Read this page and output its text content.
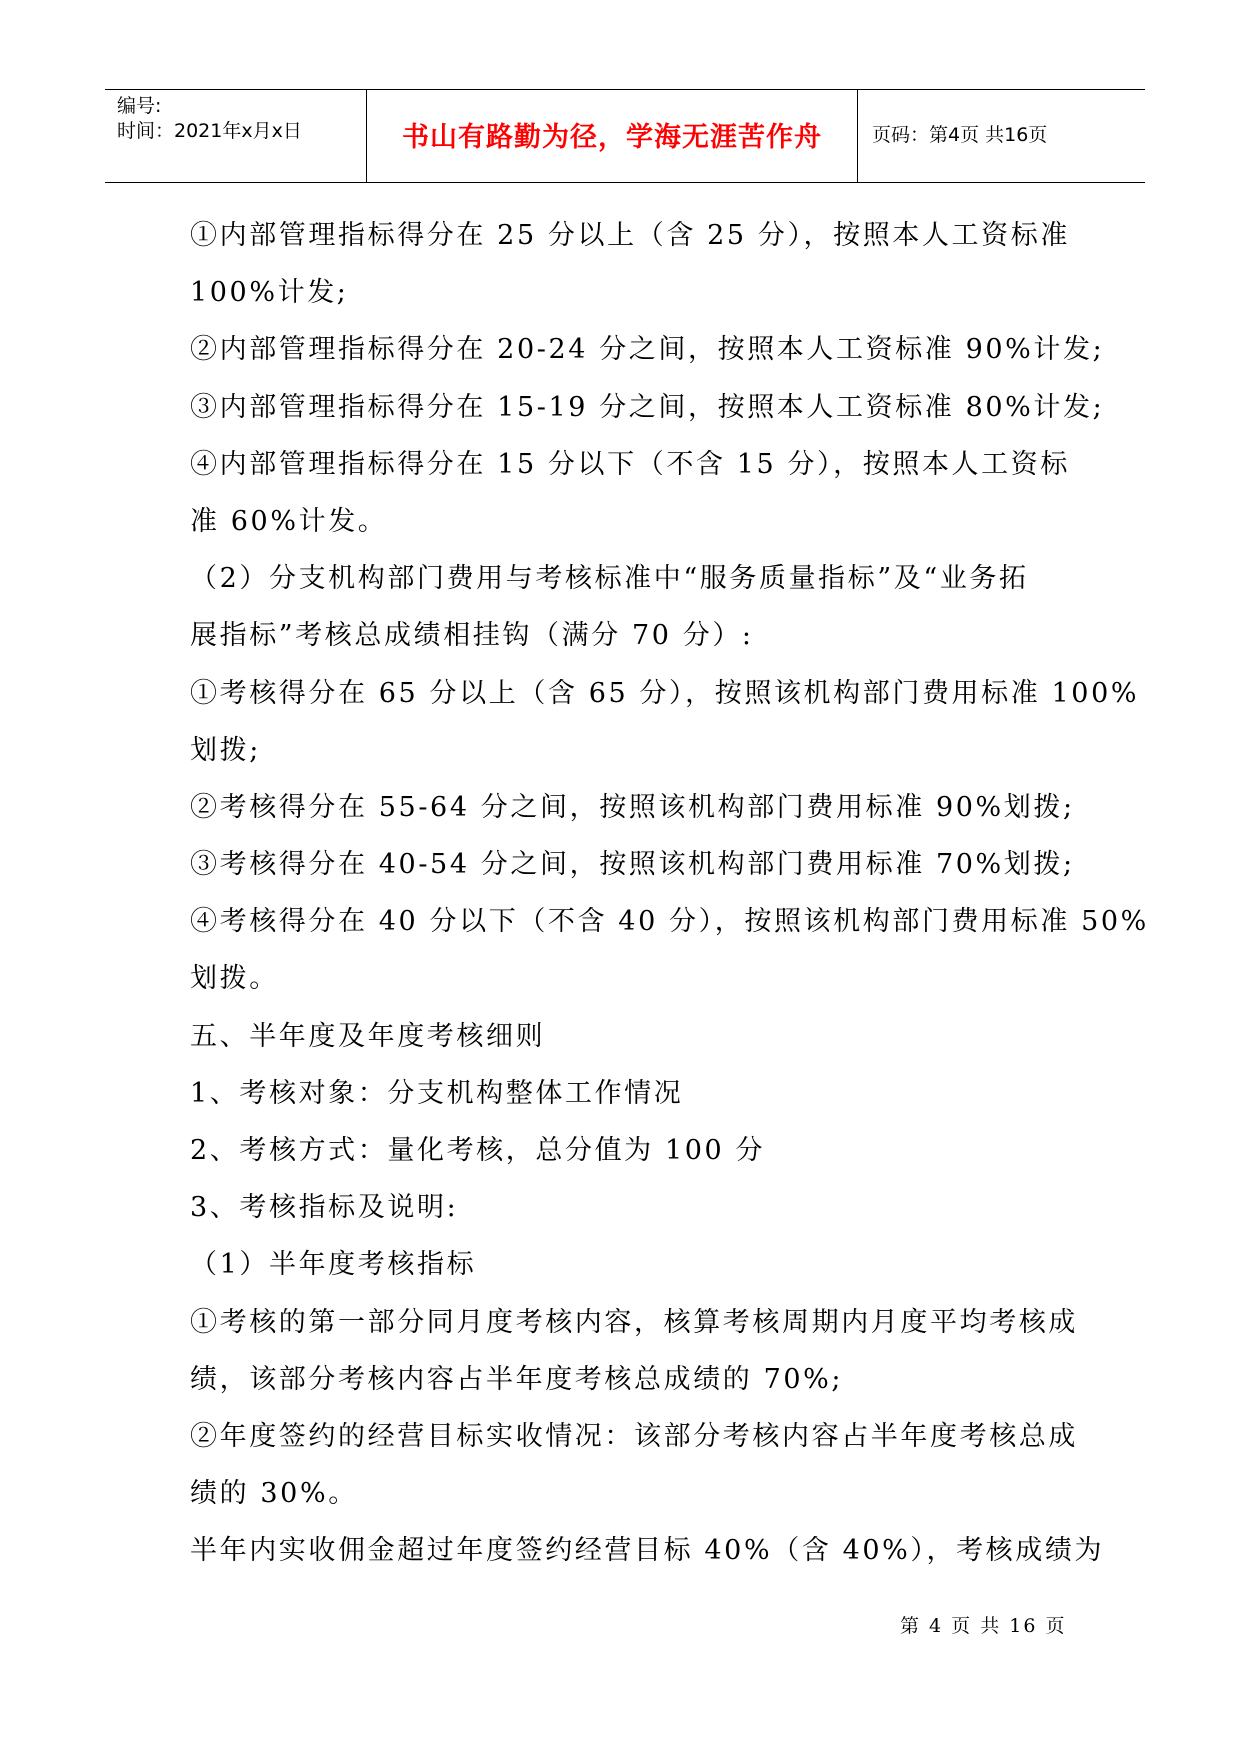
编号:
时间：2021年x月x日	书山有路勤为径，学海无涯苦作舟	页码：第4页 共16页
①内部管理指标得分在 25 分以上（含 25 分），按照本人工资标准
100%计发;
②内部管理指标得分在 20-24 分之间，按照本人工资标准 90%计发;
③内部管理指标得分在 15-19 分之间，按照本人工资标准 80%计发;
④内部管理指标得分在 15 分以下（不含 15 分），按照本人工资标
准 60%计发。
（2）分支机构部门费用与考核标准中“服务质量指标”及“业务拓
展指标”考核总成绩相挂钩（满分 70 分）:
①考核得分在 65 分以上（含 65 分），按照该机构部门费用标准 100%
划拨;
②考核得分在 55-64 分之间，按照该机构部门费用标准 90%划拨;
③考核得分在 40-54 分之间，按照该机构部门费用标准 70%划拨;
④考核得分在 40 分以下（不含 40 分），按照该机构部门费用标准 50%
划拨。
五、半年度及年度考核细则
1、考核对象：分支机构整体工作情况
2、考核方式：量化考核，总分值为 100 分
3、考核指标及说明:
（1）半年度考核指标
①考核的第一部分同月度考核内容，核算考核周期内月度平均考核成
绩，该部分考核内容占半年度考核总成绩的 70%;
②年度签约的经营目标实收情况：该部分考核内容占半年度考核总成
绩的 30%。
半年内实收佣金超过年度签约经营目标 40%（含 40%），考核成绩为
第 4 页 共 16 页
